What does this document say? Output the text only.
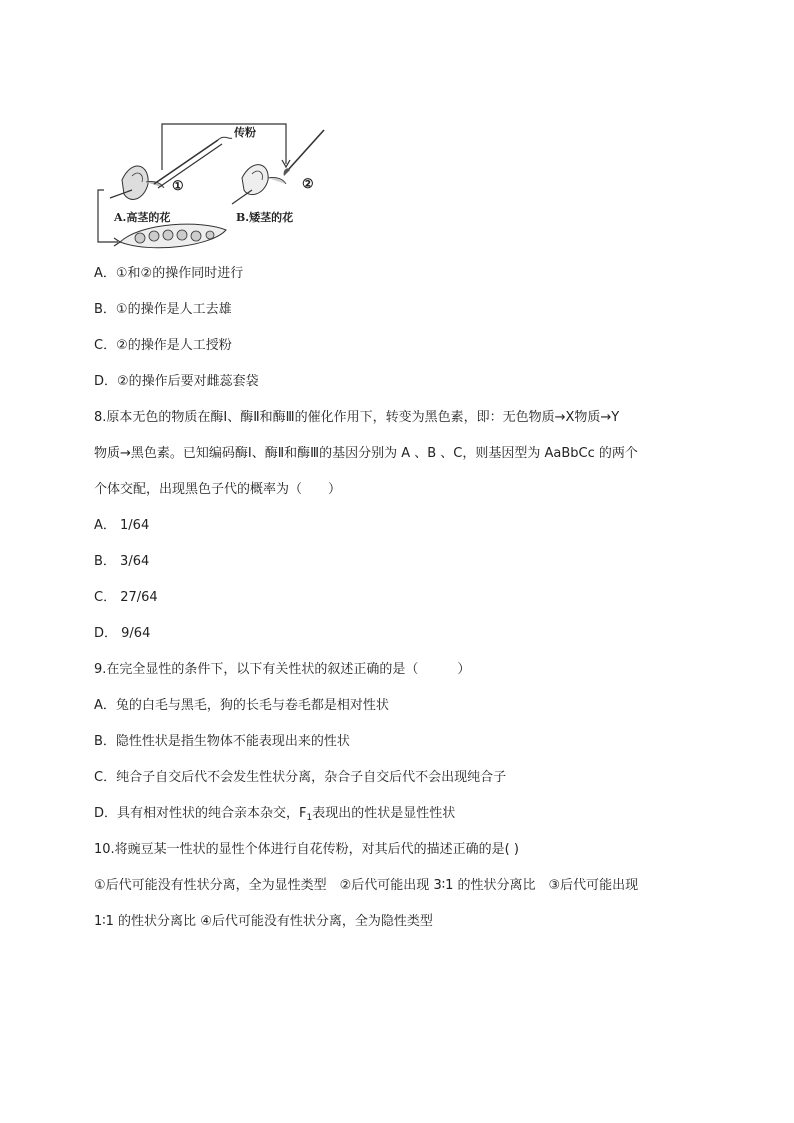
传粉
①	②
A.高茎的花	B.矮茎的花
A．①和②的操作同时进行
B．①的操作是人工去雄
C．②的操作是人工授粉
D．②的操作后要对雌蕊套袋
8.原本无色的物质在酶Ⅰ、酶Ⅱ和酶Ⅲ的催化作用下，转变为黑色素，即：无色物质→X物质→Y
物质→黑色素。已知编码酶Ⅰ、酶Ⅱ和酶Ⅲ的基因分别为 A 、B 、C，则基因型为 AaBbCc 的两个
个体交配，出现黑色子代的概率为（　　）
A． 1/64
B． 3/64
C． 27/64
D． 9/64
9.在完全显性的条件下，以下有关性状的叙述正确的是（　　　）
A．兔的白毛与黑毛，狗的长毛与卷毛都是相对性状
B．隐性性状是指生物体不能表现出来的性状
C．纯合子自交后代不会发生性状分离，杂合子自交后代不会出现纯合子
D．具有相对性状的纯合亲本杂交，$F_1$表现出的性状是显性性状
10.将豌豆某一性状的显性个体进行自花传粉，对其后代的描述正确的是( )
①后代可能没有性状分离，全为显性类型　②后代可能出现 3∶1 的性状分离比　③后代可能出现
1∶1 的性状分离比 ④后代可能没有性状分离，全为隐性类型
